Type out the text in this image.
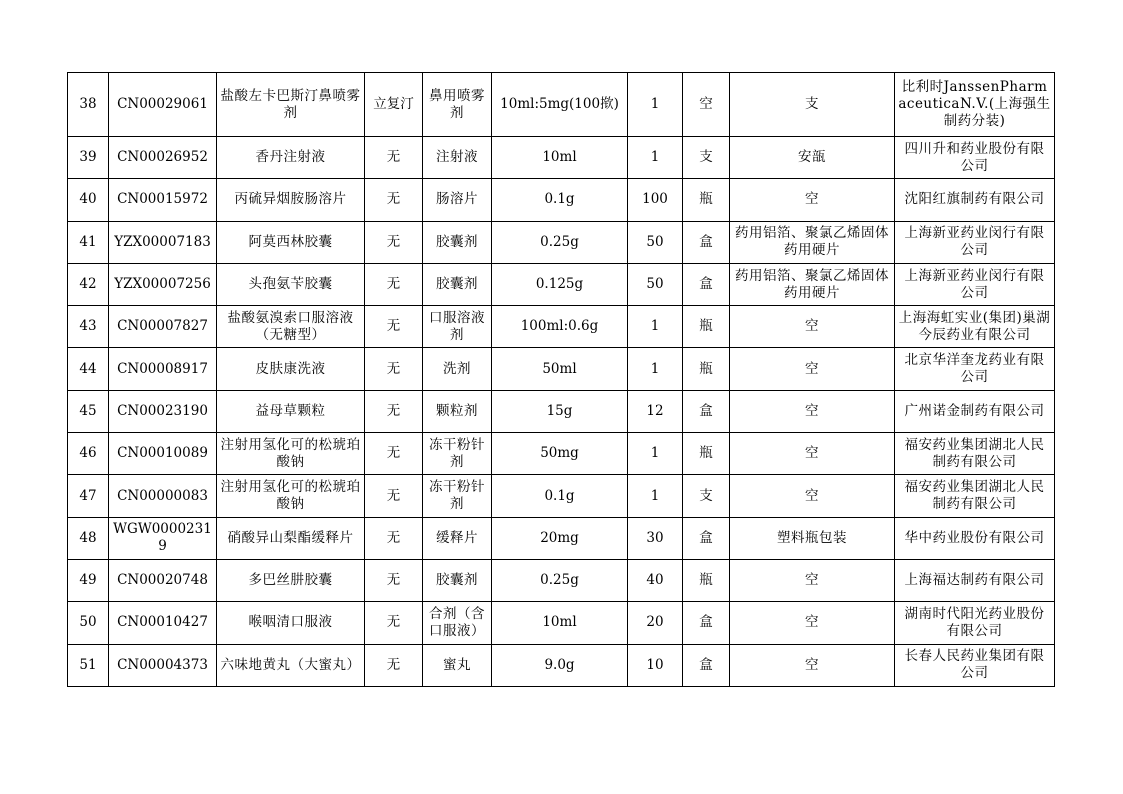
38	CN00029061	盐酸左卡巴斯汀鼻喷雾剂	立复汀	鼻用喷雾剂	10ml:5mg(100揿)	1	空	支	比利时JanssenPharmaceuticaN.V.(上海强生制药分装)
39	CN00026952	香丹注射液	无	注射液	10ml	1	支	安瓿	四川升和药业股份有限公司
40	CN00015972	丙硫异烟胺肠溶片	无	肠溶片	0.1g	100	瓶	空	沈阳红旗制药有限公司
41	YZX00007183	阿莫西林胶囊	无	胶囊剂	0.25g	50	盒	药用铝箔、聚氯乙烯固体药用硬片	上海新亚药业闵行有限公司
42	YZX00007256	头孢氨苄胶囊	无	胶囊剂	0.125g	50	盒	药用铝箔、聚氯乙烯固体药用硬片	上海新亚药业闵行有限公司
43	CN00007827	盐酸氨溴索口服溶液（无糖型）	无	口服溶液剂	100ml:0.6g	1	瓶	空	上海海虹实业(集团)巢湖今辰药业有限公司
44	CN00008917	皮肤康洗液	无	洗剂	50ml	1	瓶	空	北京华洋奎龙药业有限公司
45	CN00023190	益母草颗粒	无	颗粒剂	15g	12	盒	空	广州诺金制药有限公司
46	CN00010089	注射用氢化可的松琥珀酸钠	无	冻干粉针剂	50mg	1	瓶	空	福安药业集团湖北人民制药有限公司
47	CN00000083	注射用氢化可的松琥珀酸钠	无	冻干粉针剂	0.1g	1	支	空	福安药业集团湖北人民制药有限公司
48	WGW00002319	硝酸异山梨酯缓释片	无	缓释片	20mg	30	盒	塑料瓶包装	华中药业股份有限公司
49	CN00020748	多巴丝肼胶囊	无	胶囊剂	0.25g	40	瓶	空	上海福达制药有限公司
50	CN00010427	喉咽清口服液	无	合剂（含口服液）	10ml	20	盒	空	湖南时代阳光药业股份有限公司
51	CN00004373	六味地黄丸（大蜜丸）	无	蜜丸	9.0g	10	盒	空	长春人民药业集团有限公司
